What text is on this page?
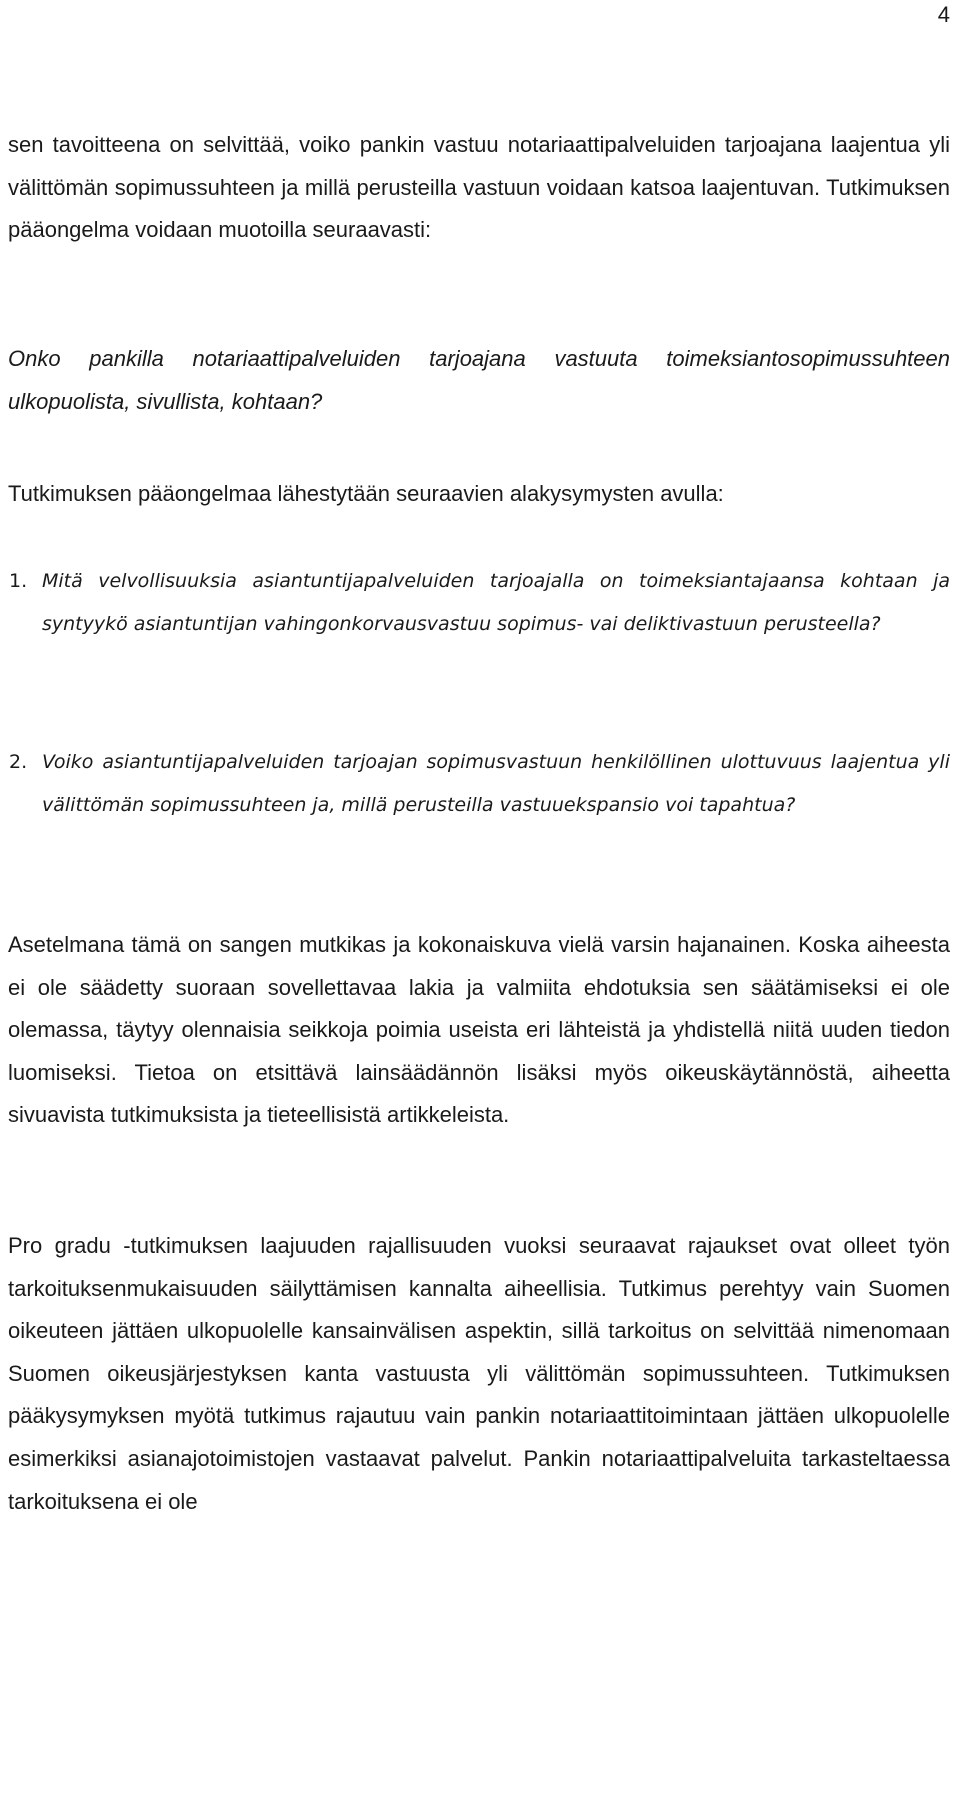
4

sen tavoitteena on selvittää, voiko pankin vastuu notariaattipalveluiden tarjoajana laajentua yli välittömän sopimussuhteen ja millä perusteilla vastuun voidaan katsoa laajentuvan. Tutkimuksen pääongelma voidaan muotoilla seuraavasti:

Onko pankilla notariaattipalveluiden tarjoajana vastuuta toimeksiantosopimussuhteen ulkopuolista, sivullista, kohtaan?

Tutkimuksen pääongelmaa lähestytään seuraavien alakysymysten avulla:

1. Mitä velvollisuuksia asiantuntijapalveluiden tarjoajalla on toimeksiantajaansa kohtaan ja syntyykö asiantuntijan vahingonkorvausvastuu sopimus- vai deliktivastuun perusteella?
2. Voiko asiantuntijapalveluiden tarjoajan sopimusvastuun henkilöllinen ulottuvuus laajentua yli välittömän sopimussuhteen ja, millä perusteilla vastuuekspansio voi tapahtua?

Asetelmana tämä on sangen mutkikas ja kokonaiskuva vielä varsin hajanainen. Koska aiheesta ei ole säädetty suoraan sovellettavaa lakia ja valmiita ehdotuksia sen säätämiseksi ei ole olemassa, täytyy olennaisia seikkoja poimia useista eri lähteistä ja yhdistellä niitä uuden tiedon luomiseksi. Tietoa on etsittävä lainsäädännön lisäksi myös oikeuskäytännöstä, aiheetta sivuavista tutkimuksista ja tieteellisistä artikkeleista.

Pro gradu -tutkimuksen laajuuden rajallisuuden vuoksi seuraavat rajaukset ovat olleet työn tarkoituksenmukaisuuden säilyttämisen kannalta aiheellisia. Tutkimus perehtyy vain Suomen oikeuteen jättäen ulkopuolelle kansainvälisen aspektin, sillä tarkoitus on selvittää nimenomaan Suomen oikeusjärjestyksen kanta vastuusta yli välittömän sopimussuhteen. Tutkimuksen pääkysymyksen myötä tutkimus rajautuu vain pankin notariaattitoimintaan jättäen ulkopuolelle esimerkiksi asianajotoimistojen vastaavat palvelut. Pankin notariaattipalveluita tarkasteltaessa tarkoituksena ei ole
